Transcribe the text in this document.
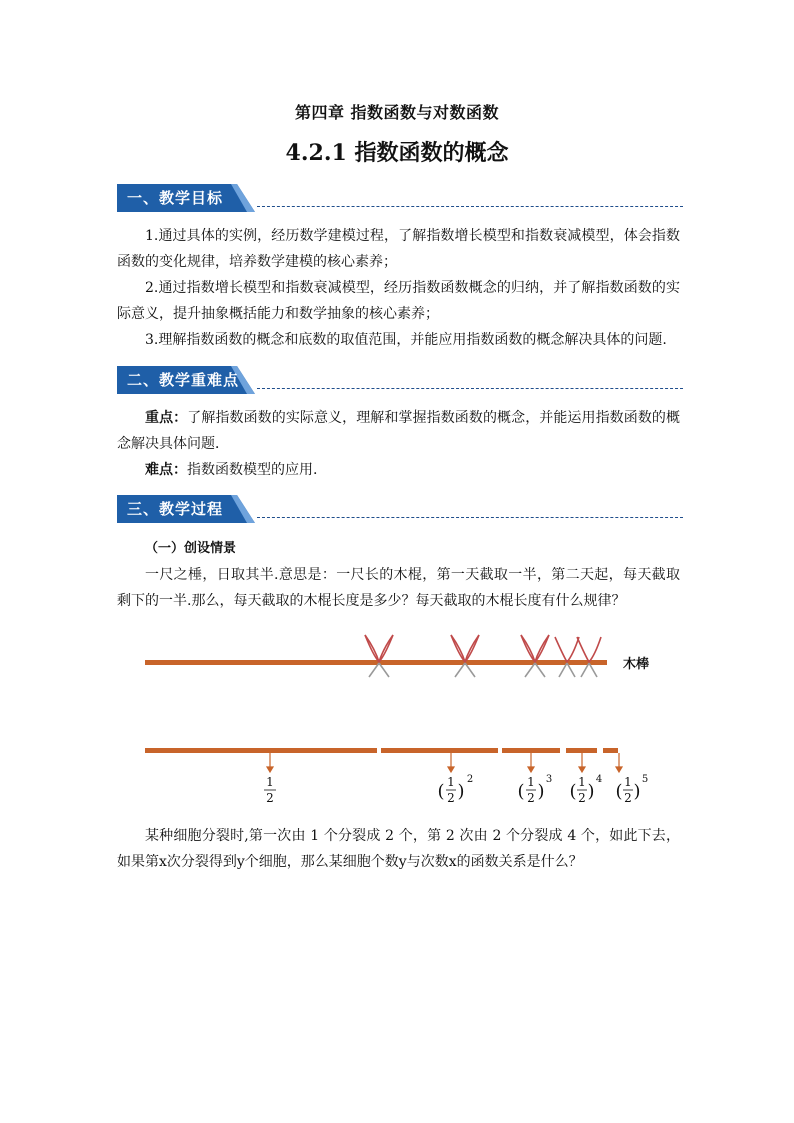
第四章 指数函数与对数函数
4.2.1 指数函数的概念
一、教学目标

1.通过具体的实例，经历数学建模过程，了解指数增长模型和指数衰减模型，体会指数函数的变化规律，培养数学建模的核心素养；

2.通过指数增长模型和指数衰减模型，经历指数函数概念的归纳，并了解指数函数的实际意义，提升抽象概括能力和数学抽象的核心素养；

3.理解指数函数的概念和底数的取值范围，并能应用指数函数的概念解决具体的问题.

二、教学重难点

重点：了解指数函数的实际意义，理解和掌握指数函数的概念，并能运用指数函数的概念解决具体问题．

难点：指数函数模型的应用.

三、教学过程
（一）创设情景

一尺之棰，日取其半.意思是：一尺长的木棍，第一天截取一半，第二天起，每天截取剩下的一半.那么，每天截取的木棍长度是多少？每天截取的木棍长度有什么规律？

木棒
1
2	( 1
2 )
2
( 1
2 )
3
( 1
2 )
4
( 1
2 )
5

某种细胞分裂时,第一次由 1 个分裂成 2 个，第 2 次由 2 个分裂成 4 个，如此下去，如果第x次分裂得到y个细胞，那么某细胞个数y与次数x的函数关系是什么？
